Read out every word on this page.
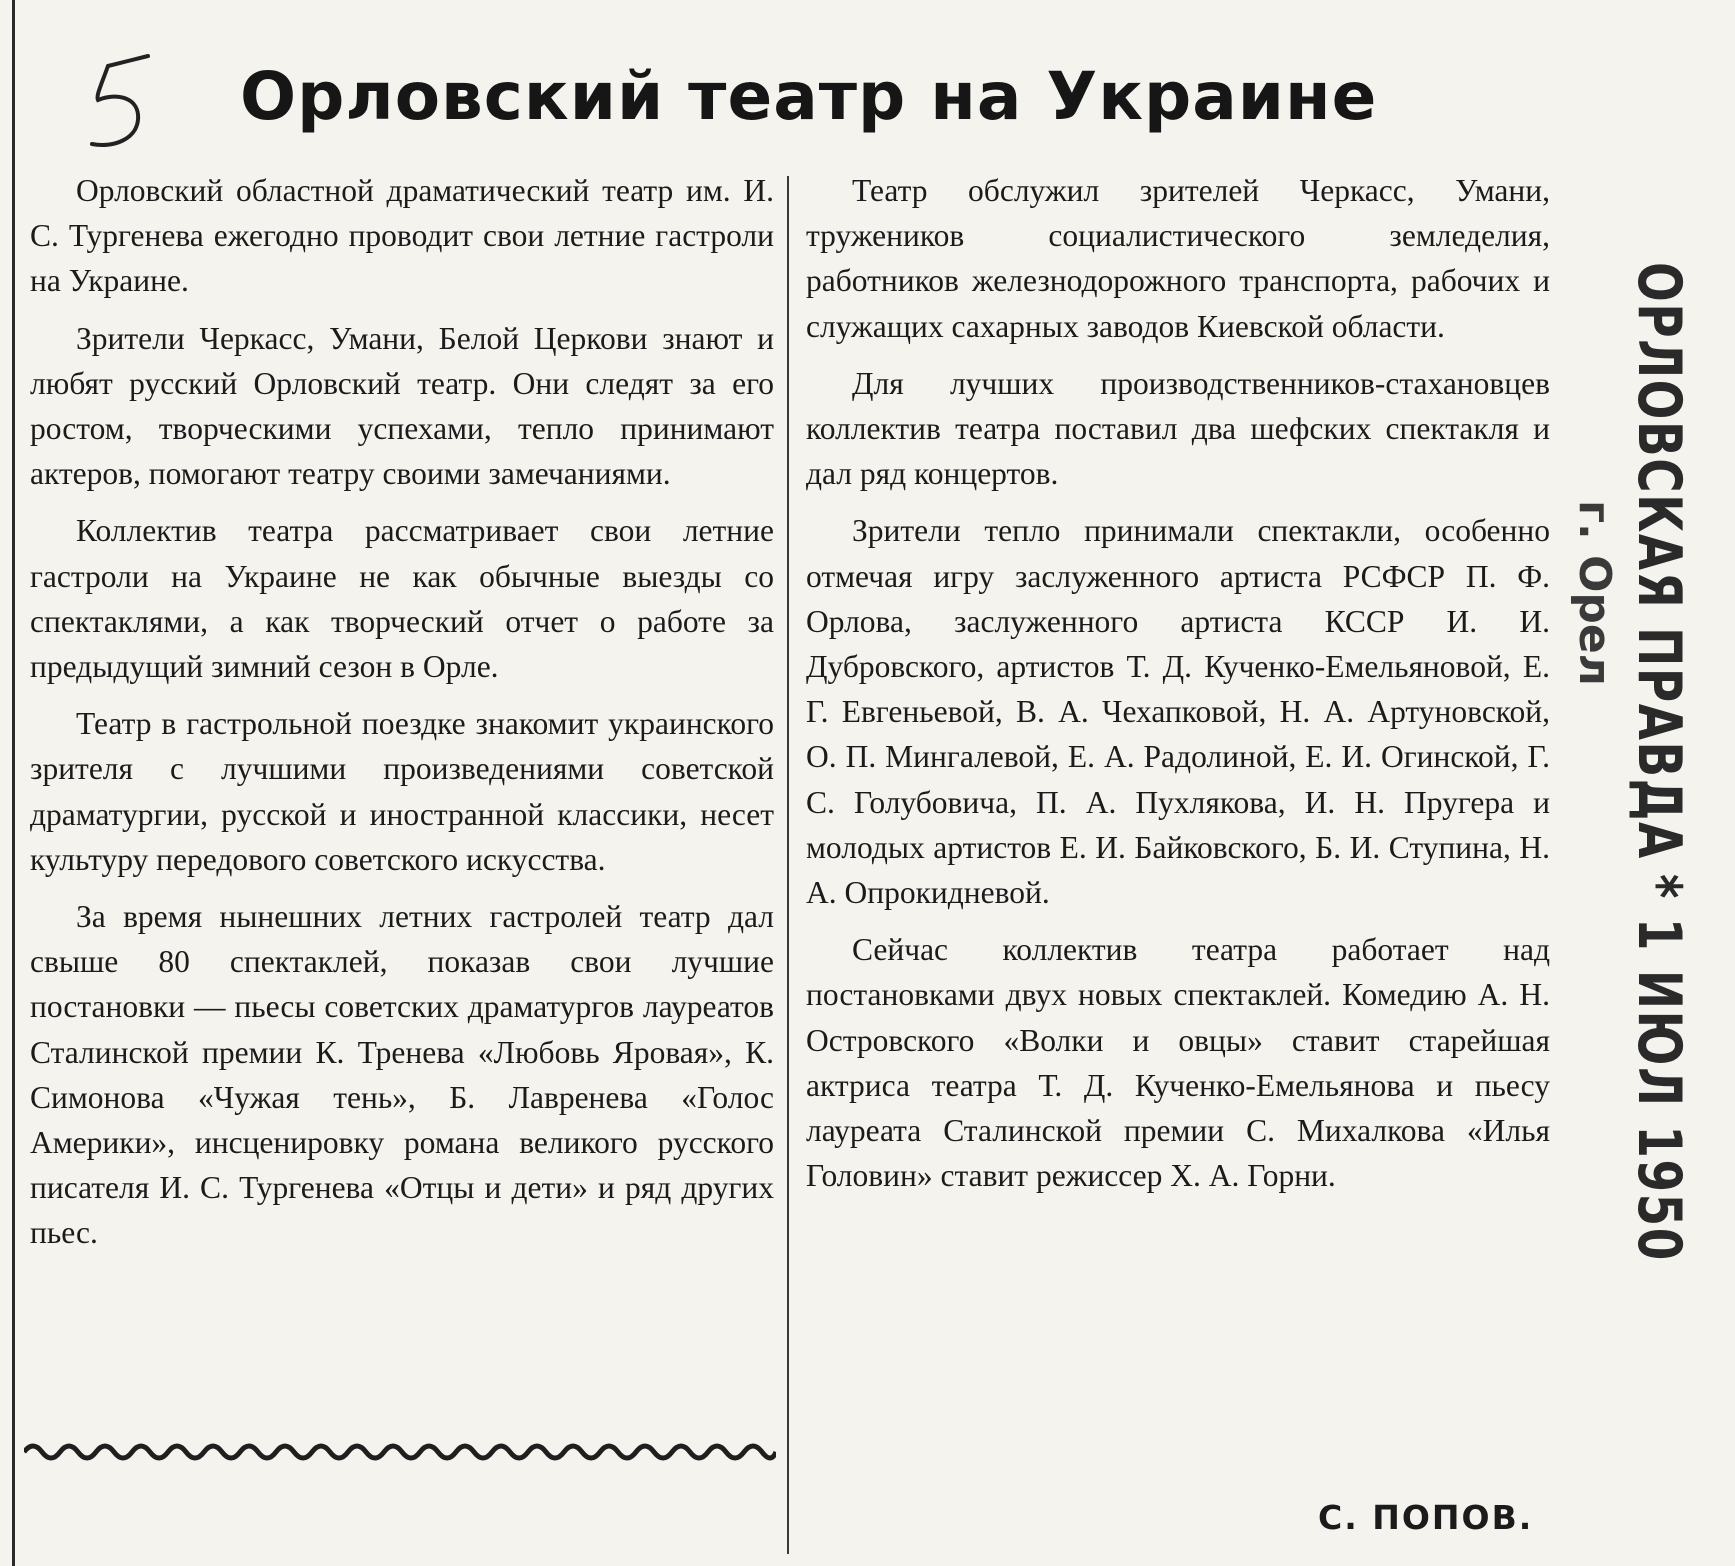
Орловский театр на Украине

Орловский областной драматический театр им. И. С. Тургенева ежегодно проводит свои летние гастроли на Украине.

Зрители Черкасс, Умани, Белой Церкови знают и любят русский Орловский театр. Они следят за его ростом, творческими успехами, тепло принимают актеров, помогают театру своими замечаниями.

Коллектив театра рассматривает свои летние гастроли на Украине не как обычные выезды со спектаклями, а как творческий отчет о работе за предыдущий зимний сезон в Орле.

Театр в гастрольной поездке знакомит украинского зрителя с лучшими произведениями советской драматургии, русской и иностранной классики, несет культуру передового советского искусства.

За время нынешних летних гастролей театр дал свыше 80 спектаклей, показав свои лучшие постановки — пьесы советских драматургов лауреатов Сталинской премии К. Тренева «Любовь Яровая», К. Симонова «Чужая тень», Б. Лавренева «Голос Америки», инсценировку романа великого русского писателя И. С. Тургенева «Отцы и дети» и ряд других пьес.

Театр обслужил зрителей Черкасс, Умани, тружеников социалистического земледелия, работников железнодорожного транспорта, рабочих и служащих сахарных заводов Киевской области.

Для лучших производственников-стахановцев коллектив театра поставил два шефских спектакля и дал ряд концертов.

Зрители тепло принимали спектакли, особенно отмечая игру заслуженного артиста РСФСР П. Ф. Орлова, заслуженного артиста КССР И. И. Дубровского, артистов Т. Д. Кученко-Емельяновой, Е. Г. Евгеньевой, В. А. Чехапковой, Н. А. Артуновской, О. П. Мингалевой, Е. А. Радолиной, Е. И. Огинской, Г. С. Голубовича, П. А. Пухлякова, И. Н. Пругера и молодых артистов Е. И. Байковского, Б. И. Ступина, Н. А. Опрокидневой.

Сейчас коллектив театра работает над постановками двух новых спектаклей. Комедию А. Н. Островского «Волки и овцы» ставит старейшая актриса театра Т. Д. Кученко-Емельянова и пьесу лауреата Сталинской премии С. Михалкова «Илья Головин» ставит режиссер Х. А. Горни.

С. ПОПОВ.

ОРЛОВСКАЯ ПРАВДА
* 1 ИЮЛ 1950
г. Орел
